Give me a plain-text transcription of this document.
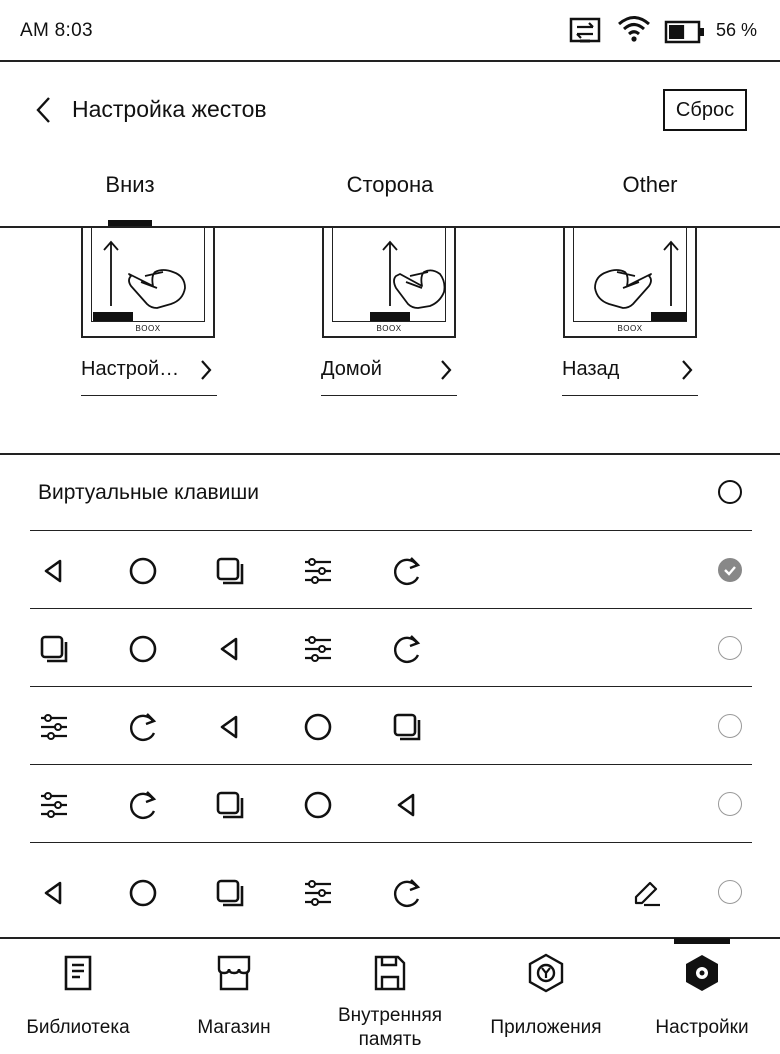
AM 8:03	56 %
Настройка жестов	Сброс
Вниз	Сторона	Other
BOOX	BOOX	BOOX
Настрой…	Домой	Назад
Виртуальные клавиши
Библиотека	Магазин
Внутренняя память
Приложения	Настройки
